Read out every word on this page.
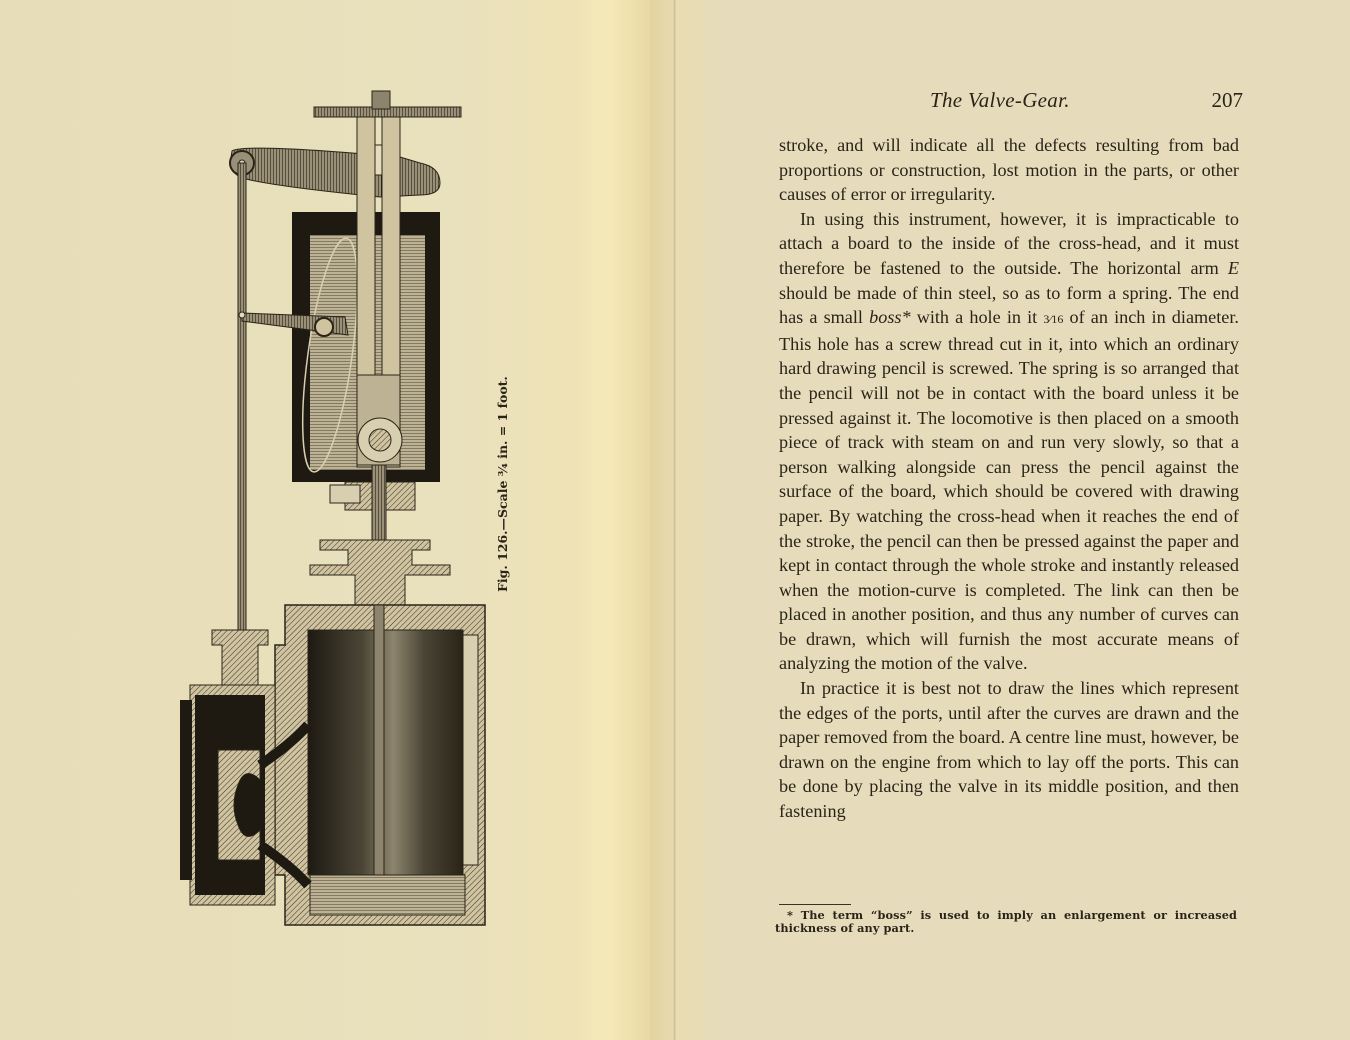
Fig. 126.—Scale ¾ in. = 1 foot.
The Valve-Gear.	207

stroke, and will indicate all the defects resulting from bad proportions or construction, lost motion in the parts, or other causes of error or irregularity.

In using this instrument, however, it is impracticable to attach a board to the inside of the cross-head, and it must therefore be fastened to the outside. The horizontal arm E should be made of thin steel, so as to form a spring. The end has a small boss* with a hole in it 3⁄16 of an inch in diameter. This hole has a screw thread cut in it, into which an ordinary hard drawing pencil is screwed. The spring is so arranged that the pencil will not be in contact with the board unless it be pressed against it. The locomotive is then placed on a smooth piece of track with steam on and run very slowly, so that a person walking alongside can press the pencil against the surface of the board, which should be covered with drawing paper. By watching the cross-head when it reaches the end of the stroke, the pencil can then be pressed against the paper and kept in contact through the whole stroke and instantly released when the motion-curve is completed. The link can then be placed in another position, and thus any number of curves can be drawn, which will furnish the most accurate means of analyzing the motion of the valve.

In practice it is best not to draw the lines which represent the edges of the ports, until after the curves are drawn and the paper removed from the board. A centre line must, however, be drawn on the engine from which to lay off the ports. This can be done by placing the valve in its middle position, and then fastening

* The term “boss” is used to imply an enlargement or increased thickness of any part.
